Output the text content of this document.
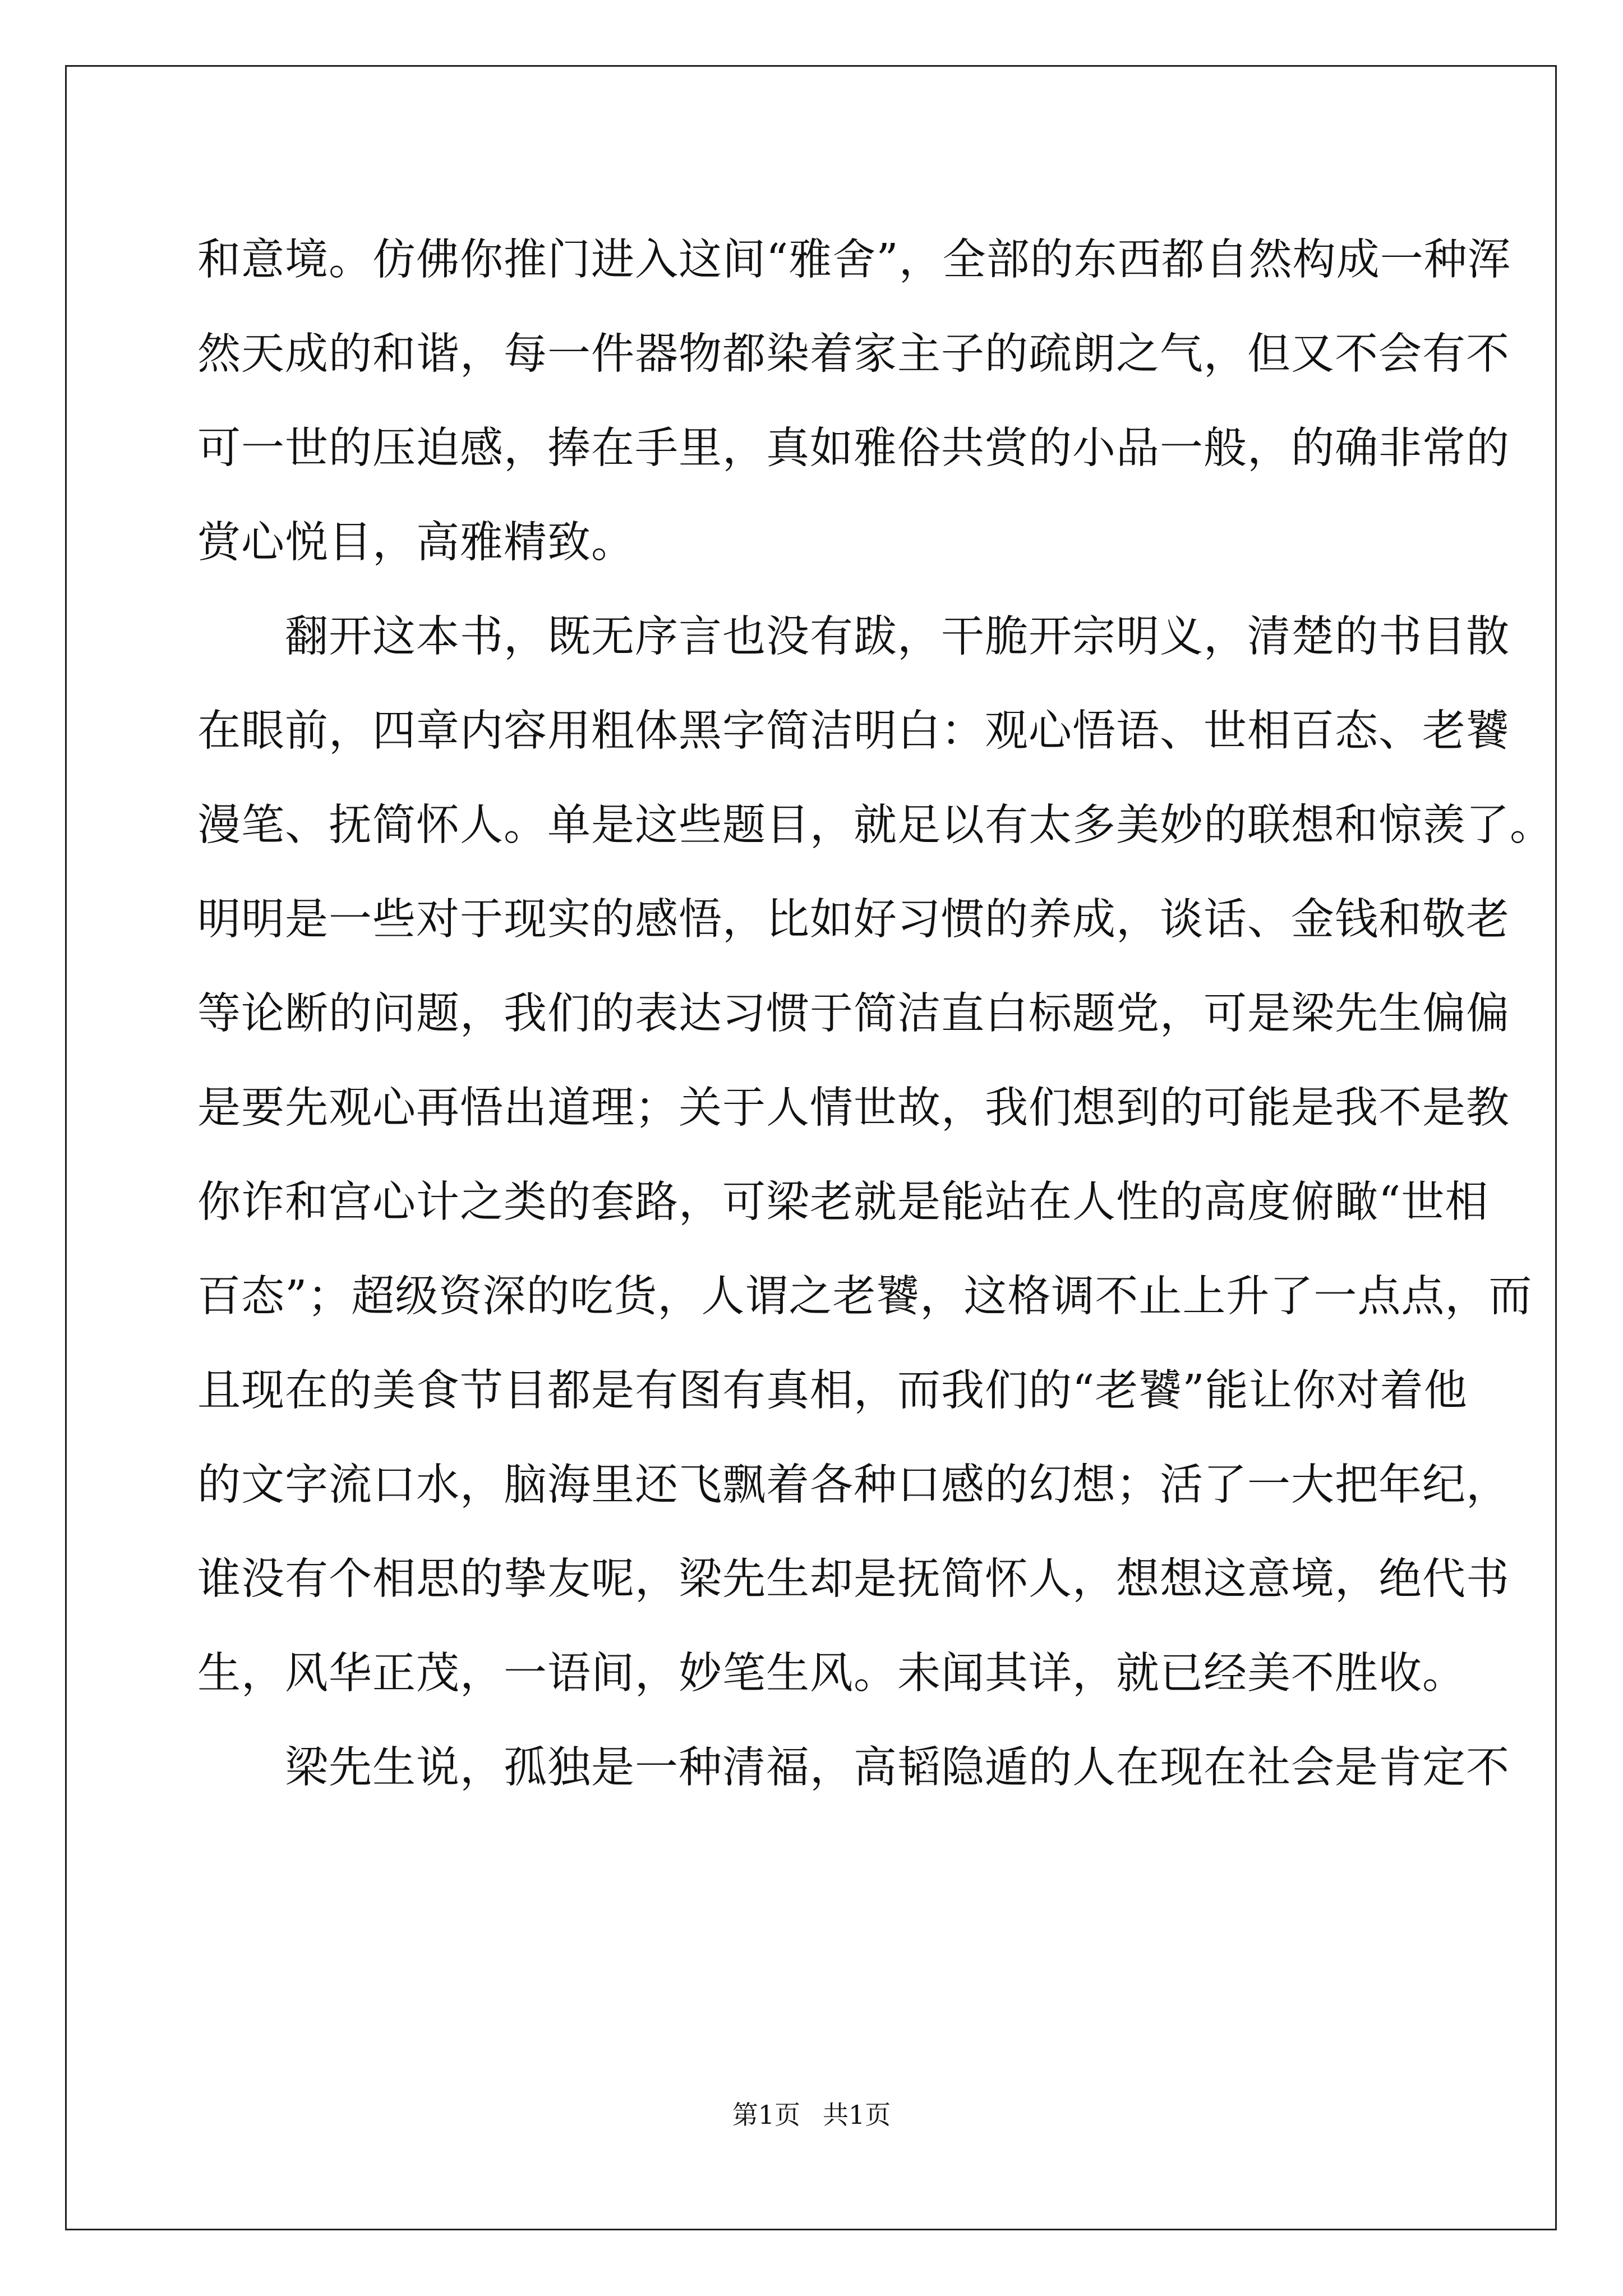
和意境。仿佛你推门进入这间“雅舍”，全部的东西都自然构成一种浑
然天成的和谐，每一件器物都染着家主子的疏朗之气，但又不会有不
可一世的压迫感，捧在手里，真如雅俗共赏的小品一般，的确非常的
赏心悦目，高雅精致。
翻开这本书，既无序言也没有跋，干脆开宗明义，清楚的书目散
在眼前，四章内容用粗体黑字简洁明白：观心悟语、世相百态、老饕
漫笔、抚简怀人。单是这些题目，就足以有太多美妙的联想和惊羡了。
明明是一些对于现实的感悟，比如好习惯的养成，谈话、金钱和敬老
等论断的问题，我们的表达习惯于简洁直白标题党，可是梁先生偏偏
是要先观心再悟出道理；关于人情世故，我们想到的可能是我不是教
你诈和宫心计之类的套路，可梁老就是能站在人性的高度俯瞰“世相
百态”；超级资深的吃货，人谓之老饕，这格调不止上升了一点点，而
且现在的美食节目都是有图有真相，而我们的“老饕”能让你对着他
的文字流口水，脑海里还飞飘着各种口感的幻想；活了一大把年纪，
谁没有个相思的挚友呢，梁先生却是抚简怀人，想想这意境，绝代书
生，风华正茂，一语间，妙笔生风。未闻其详，就已经美不胜收。
梁先生说，孤独是一种清福，高韬隐遁的人在现在社会是肯定不
第1页 共1页
